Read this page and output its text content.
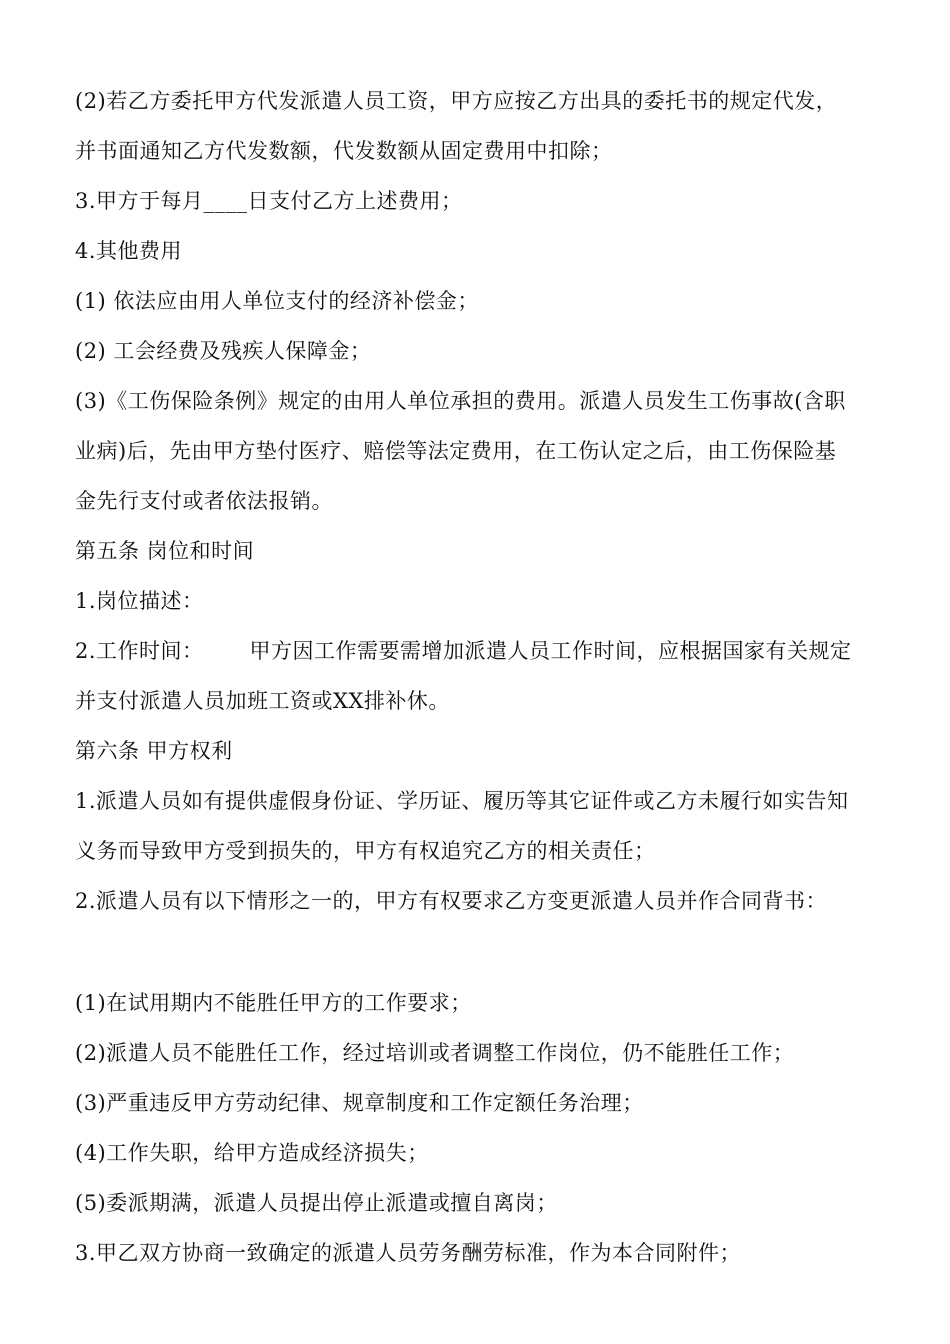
(2)若乙方委托甲方代发派遣人员工资，甲方应按乙方出具的委托书的规定代发，
并书面通知乙方代发数额，代发数额从固定费用中扣除；
3.甲方于每月____日支付乙方上述费用；
4.其他费用
(1) 依法应由用人单位支付的经济补偿金；
(2) 工会经费及残疾人保障金；
(3)《工伤保险条例》规定的由用人单位承担的费用。派遣人员发生工伤事故(含职
业病)后，先由甲方垫付医疗、赔偿等法定费用，在工伤认定之后，由工伤保险基
金先行支付或者依法报销。
第五条 岗位和时间
1.岗位描述：
2.工作时间： 甲方因工作需要需增加派遣人员工作时间，应根据国家有关规定
并支付派遣人员加班工资或XX排补休。
第六条 甲方权利
1.派遣人员如有提供虚假身份证、学历证、履历等其它证件或乙方未履行如实告知
义务而导致甲方受到损失的，甲方有权追究乙方的相关责任；
2.派遣人员有以下情形之一的，甲方有权要求乙方变更派遣人员并作合同背书：
(1)在试用期内不能胜任甲方的工作要求；
(2)派遣人员不能胜任工作，经过培训或者调整工作岗位，仍不能胜任工作；
(3)严重违反甲方劳动纪律、规章制度和工作定额任务治理；
(4)工作失职，给甲方造成经济损失；
(5)委派期满，派遣人员提出停止派遣或擅自离岗；
3.甲乙双方协商一致确定的派遣人员劳务酬劳标准，作为本合同附件；
